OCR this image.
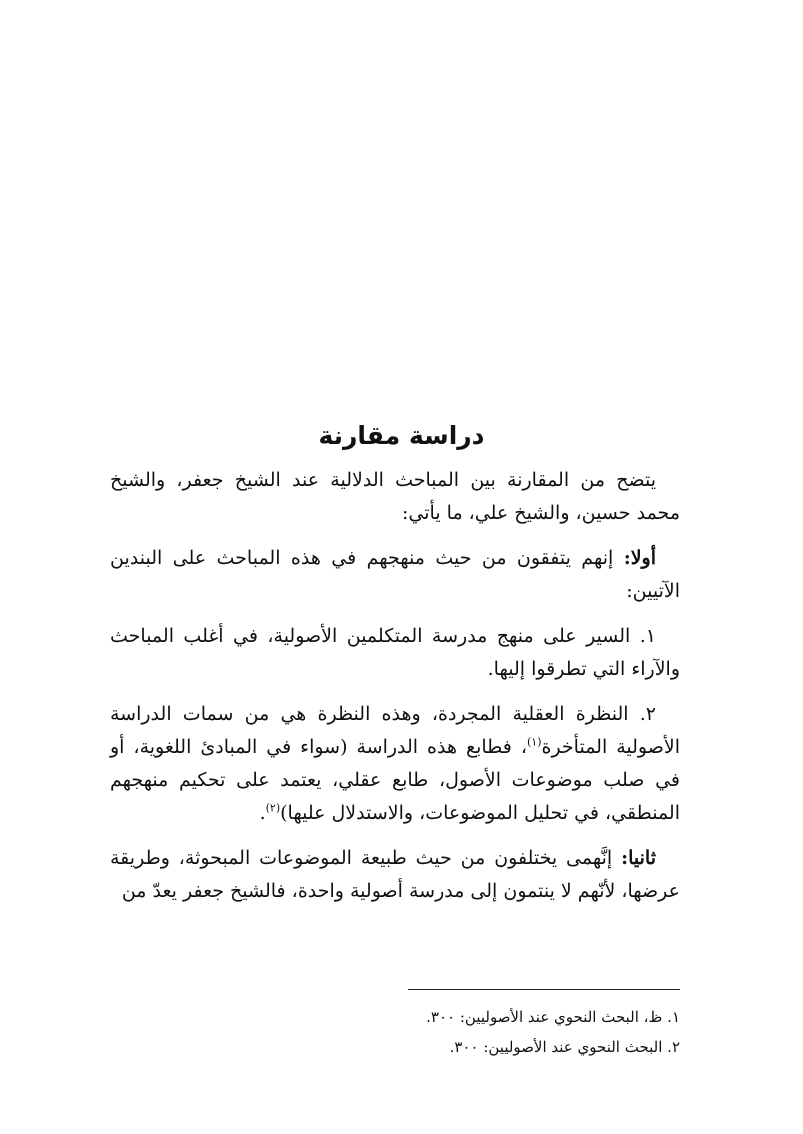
دراسة مقارنة

يتضح من المقارنة بين المباحث الدلالية عند الشيخ جعفر، والشيخ محمد حسين، والشيخ علي، ما يأتي:

أولا: إنهم يتفقون من حيث منهجهم في هذه المباحث على البندين الآتيين:

١. السير على منهج مدرسة المتكلمين الأصولية، في أغلب المباحث والآراء التي تطرقوا إليها.

٢. النظرة العقلية المجردة، وهذه النظرة هي من سمات الدراسة الأصولية المتأخرة$^{(١)}$، فطابع هذه الدراسة (سواء في المبادئ اللغوية، أو في صلب موضوعات الأصول، طابع عقلي، يعتمد على تحكيم منهجهم المنطقي، في تحليل الموضوعات، والاستدلال عليها)$^{(٢)}$.

ثانيا: إنَّهمى يختلفون من حيث طبيعة الموضوعات المبحوثة، وطريقة عرضها، لأنّهم لا ينتمون إلى مدرسة أصولية واحدة، فالشيخ جعفر يعدّ من

١. ظ، البحث النحوي عند الأصوليين: ٣٠٠.
٢. البحث النحوي عند الأصوليين: ٣٠٠.
